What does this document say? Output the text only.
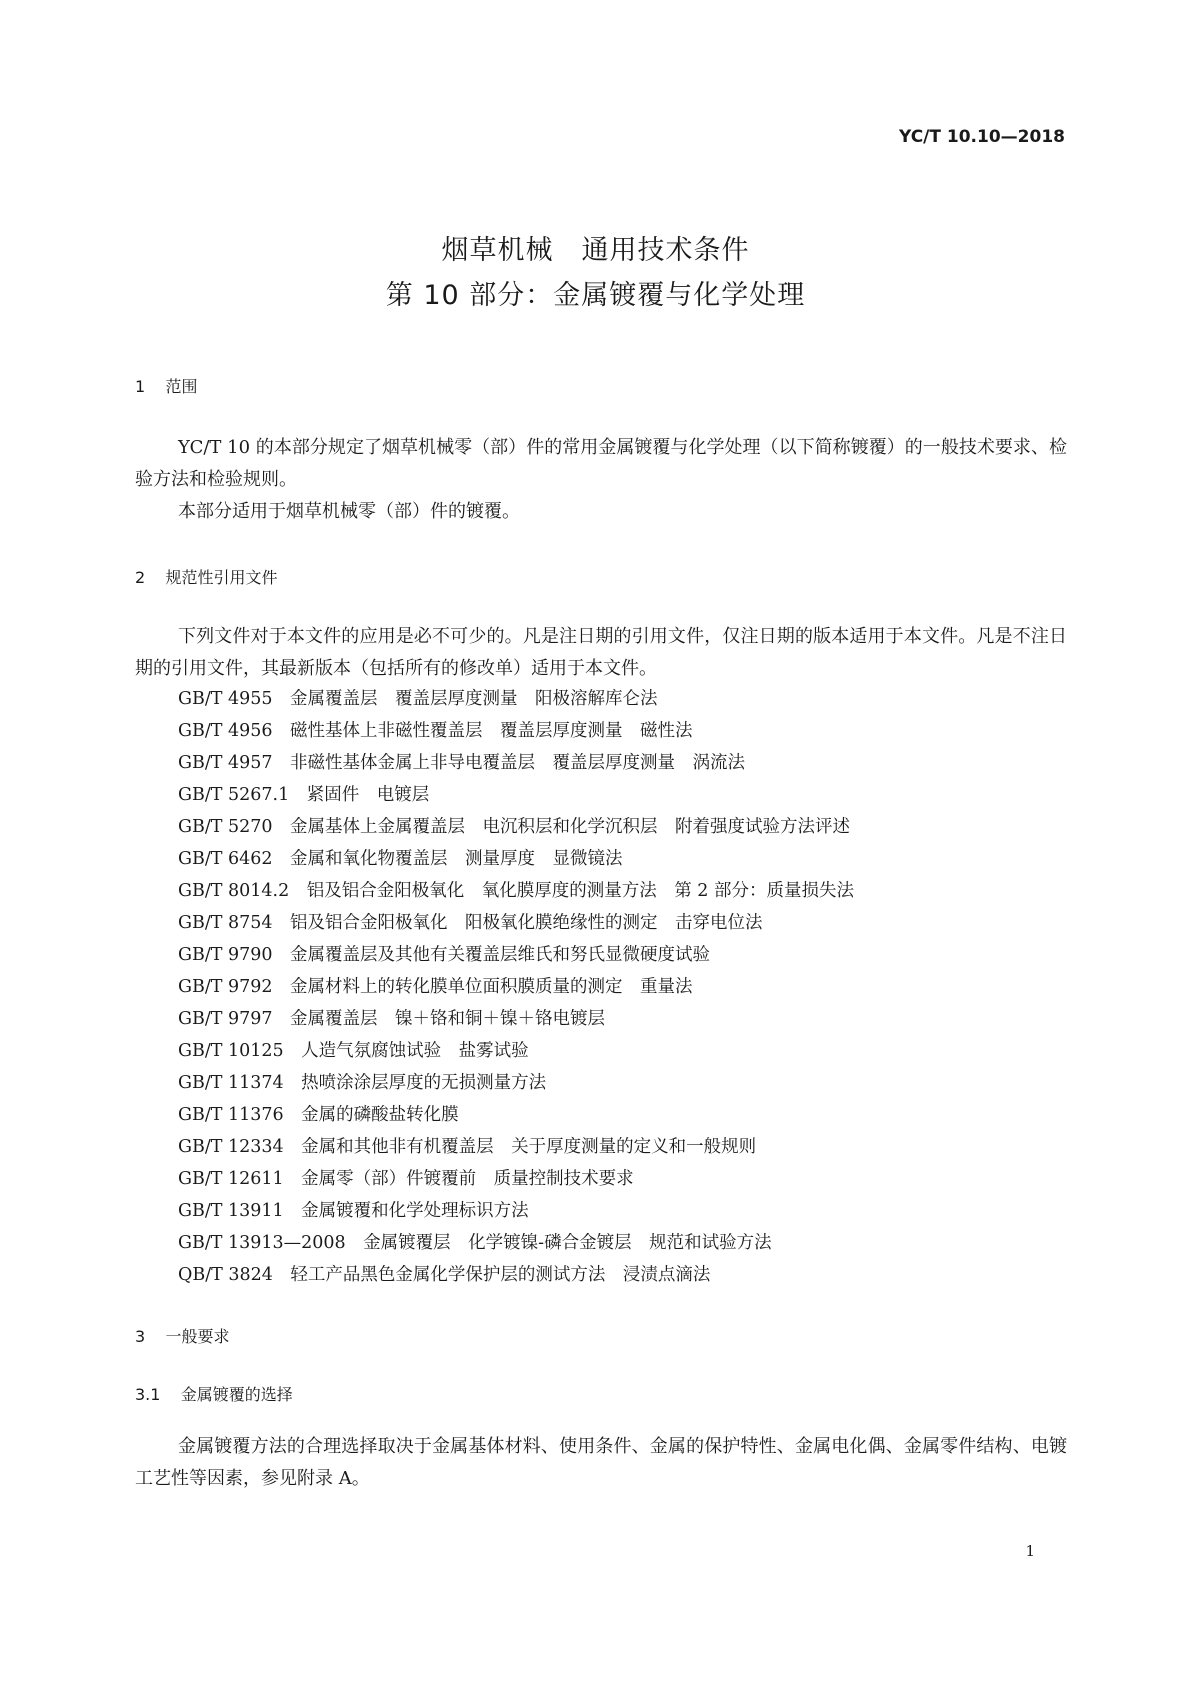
YC/T 10.10—2018

烟草机械　通用技术条件

第 10 部分：金属镀覆与化学处理

1 范围

YC/T 10 的本部分规定了烟草机械零（部）件的常用金属镀覆与化学处理（以下简称镀覆）的一般技术要求、检验方法和检验规则。

本部分适用于烟草机械零（部）件的镀覆。

2 规范性引用文件

下列文件对于本文件的应用是必不可少的。凡是注日期的引用文件，仅注日期的版本适用于本文件。凡是不注日期的引用文件，其最新版本（包括所有的修改单）适用于本文件。

GB/T 4955　 金属覆盖层　覆盖层厚度测量　阳极溶解库仑法
GB/T 4956　 磁性基体上非磁性覆盖层　覆盖层厚度测量　磁性法
GB/T 4957　 非磁性基体金属上非导电覆盖层　覆盖层厚度测量　涡流法
GB/T 5267.1　 紧固件　电镀层
GB/T 5270　 金属基体上金属覆盖层　电沉积层和化学沉积层　附着强度试验方法评述
GB/T 6462　 金属和氧化物覆盖层　测量厚度　显微镜法
GB/T 8014.2　 铝及铝合金阳极氧化　氧化膜厚度的测量方法　第 2 部分：质量损失法
GB/T 8754　 铝及铝合金阳极氧化　阳极氧化膜绝缘性的测定　击穿电位法
GB/T 9790　 金属覆盖层及其他有关覆盖层维氏和努氏显微硬度试验
GB/T 9792　 金属材料上的转化膜单位面积膜质量的测定　重量法
GB/T 9797　 金属覆盖层　镍＋铬和铜＋镍＋铬电镀层
GB/T 10125　 人造气氛腐蚀试验　盐雾试验
GB/T 11374　 热喷涂涂层厚度的无损测量方法
GB/T 11376　 金属的磷酸盐转化膜
GB/T 12334　 金属和其他非有机覆盖层　关于厚度测量的定义和一般规则
GB/T 12611　 金属零（部）件镀覆前　质量控制技术要求
GB/T 13911　 金属镀覆和化学处理标识方法
GB/T 13913—2008　 金属镀覆层　化学镀镍-磷合金镀层　规范和试验方法
QB/T 3824　 轻工产品黑色金属化学保护层的测试方法　浸渍点滴法
3 一般要求
3.1 金属镀覆的选择

金属镀覆方法的合理选择取决于金属基体材料、使用条件、金属的保护特性、金属电化偶、金属零件结构、电镀工艺性等因素，参见附录 A。

1
